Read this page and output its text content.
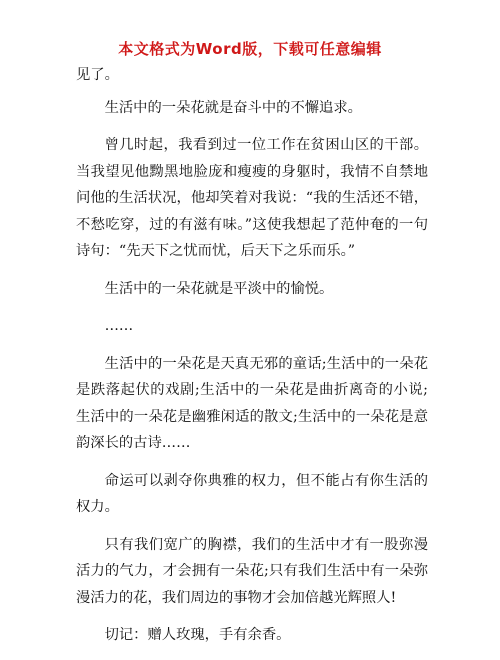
本文格式为Word版，下载可任意编辑

见了。

生活中的一朵花就是奋斗中的不懈追求。

曾几时起，我看到过一位工作在贫困山区的干部。当我望见他黝黑地脸庞和瘦瘦的身躯时，我情不自禁地问他的生活状况，他却笑着对我说：“我的生活还不错，不愁吃穿，过的有滋有味。”这使我想起了范仲奄的一句诗句：“先天下之忧而忧，后天下之乐而乐。”

生活中的一朵花就是平淡中的愉悦。

……

生活中的一朵花是天真无邪的童话;生活中的一朵花是跌落起伏的戏剧;生活中的一朵花是曲折离奇的小说;生活中的一朵花是幽雅闲适的散文;生活中的一朵花是意韵深长的古诗……

命运可以剥夺你典雅的权力，但不能占有你生活的权力。

只有我们宽广的胸襟，我们的生活中才有一股弥漫活力的气力，才会拥有一朵花;只有我们生活中有一朵弥漫活力的花，我们周边的事物才会加倍越光辉照人!

切记：赠人玫瑰，手有余香。
